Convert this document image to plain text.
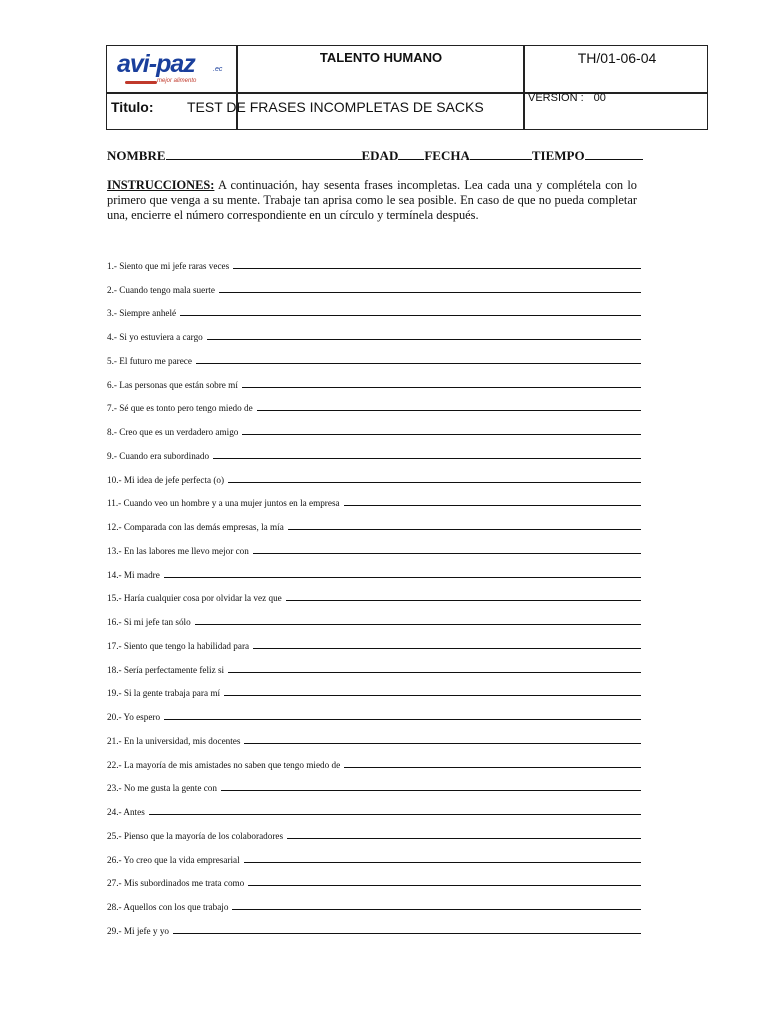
avi-paz	.ec
mejor alimento
TALENTO HUMANO	TH/01-06-04
Titulo: TEST DE FRASES INCOMPLETAS DE SACKS
VERSION : 00
NOMBRE	EDAD FECHA	TIEMPO
INSTRUCCIONES: A continuación, hay sesenta frases incompletas. Lea cada una y complétela con lo primero que venga a su mente. Trabaje tan aprisa como le sea posible. En caso de que no pueda completar una, encierre el número correspondiente en un círculo y termínela después.
1.- Siento que mi jefe raras veces
2.- Cuando tengo mala suerte
3.- Siempre anhelé
4.- Si yo estuviera a cargo
5.- El futuro me parece
6.- Las personas que están sobre mí
7.- Sé que es tonto pero tengo miedo de
8.- Creo que es un verdadero amigo
9.- Cuando era subordinado
10.- Mi idea de jefe perfecta (o)
11.- Cuando veo un hombre y a una mujer juntos en la empresa
12.- Comparada con las demás empresas, la mía
13.- En las labores me llevo mejor con
14.- Mi madre
15.- Haría cualquier cosa por olvidar la vez que
16.- Si mi jefe tan sólo
17.- Siento que tengo la habilidad para
18.- Sería perfectamente feliz si
19.- Si la gente trabaja para mí
20.- Yo espero
21.- En la universidad, mis docentes
22.- La mayoría de mis amistades no saben que tengo miedo de
23.- No me gusta la gente con
24.- Antes
25.- Pienso que la mayoría de los colaboradores
26.- Yo creo que la vida empresarial
27.- Mis subordinados me trata como
28.- Aquellos con los que trabajo
29.- Mi jefe y yo
